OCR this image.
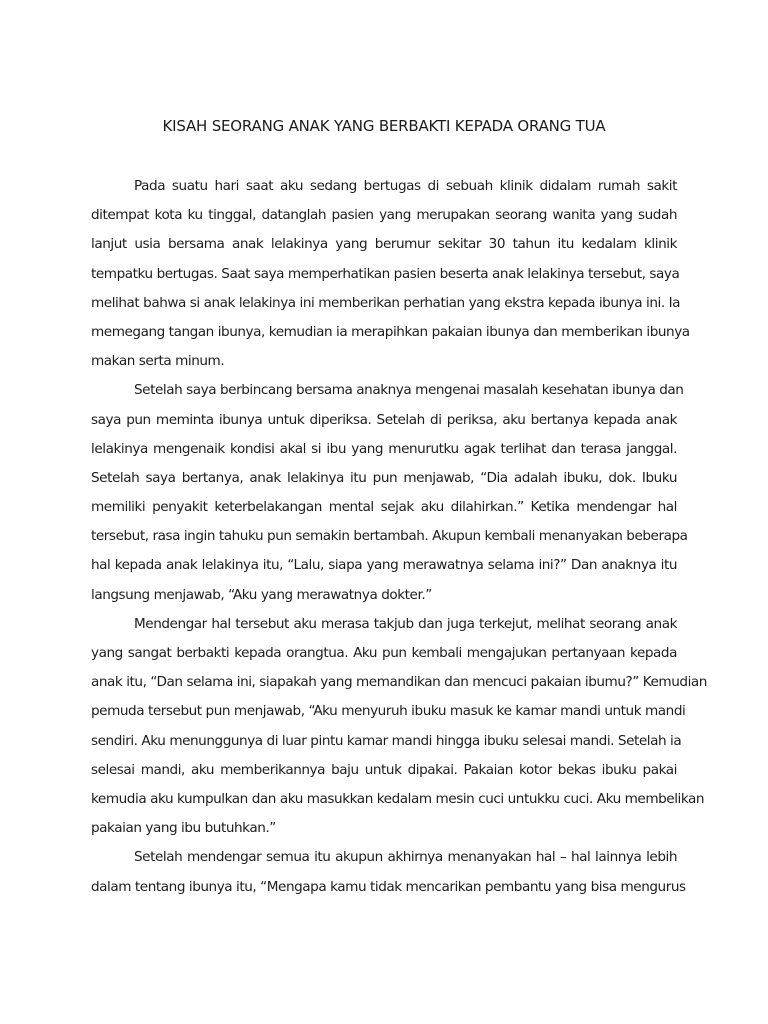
KISAH SEORANG ANAK YANG BERBAKTI KEPADA ORANG TUA
Pada suatu hari saat aku sedang bertugas di sebuah klinik didalam rumah sakit
ditempat kota ku tinggal, datanglah pasien yang merupakan seorang wanita yang sudah
lanjut usia bersama anak lelakinya yang berumur sekitar 30 tahun itu kedalam klinik
tempatku bertugas. Saat saya memperhatikan pasien beserta anak lelakinya tersebut, saya
melihat bahwa si anak lelakinya ini memberikan perhatian yang ekstra kepada ibunya ini. Ia
memegang tangan ibunya, kemudian ia merapihkan pakaian ibunya dan memberikan ibunya
makan serta minum.
Setelah saya berbincang bersama anaknya mengenai masalah kesehatan ibunya dan
saya pun meminta ibunya untuk diperiksa. Setelah di periksa, aku bertanya kepada anak
lelakinya mengenaik kondisi akal si ibu yang menurutku agak terlihat dan terasa janggal.
Setelah saya bertanya, anak lelakinya itu pun menjawab, “Dia adalah ibuku, dok. Ibuku
memiliki penyakit keterbelakangan mental sejak aku dilahirkan.” Ketika mendengar hal
tersebut, rasa ingin tahuku pun semakin bertambah. Akupun kembali menanyakan beberapa
hal kepada anak lelakinya itu, “Lalu, siapa yang merawatnya selama ini?” Dan anaknya itu
langsung menjawab, “Aku yang merawatnya dokter.”
Mendengar hal tersebut aku merasa takjub dan juga terkejut, melihat seorang anak
yang sangat berbakti kepada orangtua. Aku pun kembali mengajukan pertanyaan kepada
anak itu, “Dan selama ini, siapakah yang memandikan dan mencuci pakaian ibumu?” Kemudian
pemuda tersebut pun menjawab, “Aku menyuruh ibuku masuk ke kamar mandi untuk mandi
sendiri. Aku menunggunya di luar pintu kamar mandi hingga ibuku selesai mandi. Setelah ia
selesai mandi, aku memberikannya baju untuk dipakai. Pakaian kotor bekas ibuku pakai
kemudia aku kumpulkan dan aku masukkan kedalam mesin cuci untukku cuci. Aku membelikan
pakaian yang ibu butuhkan.”
Setelah mendengar semua itu akupun akhirnya menanyakan hal – hal lainnya lebih
dalam tentang ibunya itu, “Mengapa kamu tidak mencarikan pembantu yang bisa mengurus
